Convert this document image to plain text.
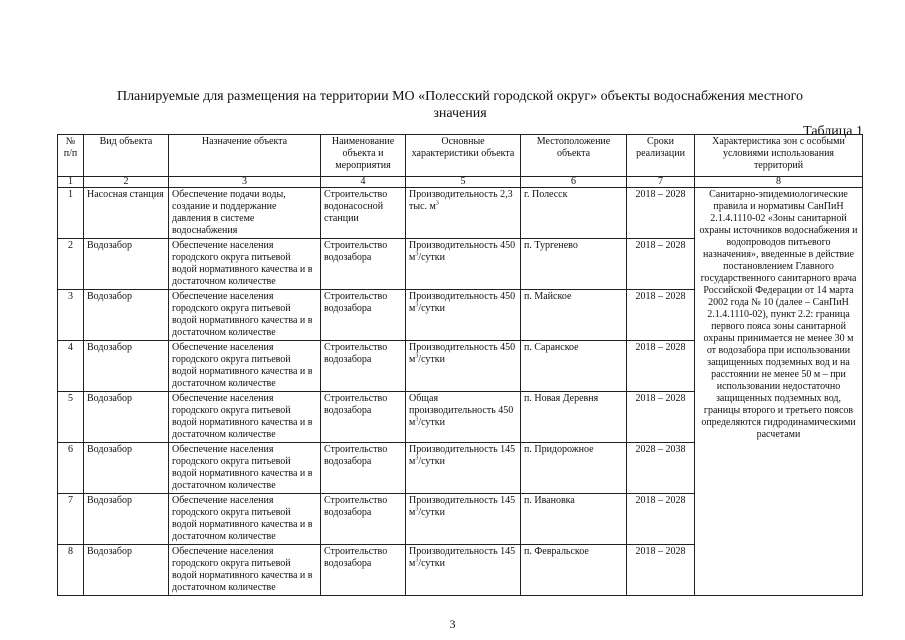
Планируемые для размещения на территории МО «Полесский городской округ» объекты водоснабжения местного значения
Таблица 1
№ п/п	Вид объекта	Назначение объекта	Наименование объекта и мероприятия	Основные характеристики объекта	Местоположение объекта	Сроки реализации	Характеристика зон с особыми условиями использования территорий
1	2	3	4	5	6	7	8
1	Насосная станция	Обеспечение подачи воды, создание и поддержание давления в системе водоснабжения	Строительство водонасосной станции	Производительность 2,3 тыс. $м^3$	г. Полесск	2018 – 2028	Санитарно-эпидемиологические правила и нормативы СанПиН 2.1.4.1110-02 «Зоны санитарной охраны источников водоснабжения и водопроводов питьевого назначения», введенные в действие постановлением Главного государственного санитарного врача Российской Федерации от 14 марта 2002 года № 10 (далее – СанПиН 2.1.4.1110-02), пункт 2.2: граница первого пояса зоны санитарной охраны принимается не менее 30 м от водозабора при использовании защищенных подземных вод и на расстоянии не менее 50 м – при использовании недостаточно защищенных подземных вод, границы второго и третьего поясов определяются гидродинамическими расчетами
2	Водозабор	Обеспечение населения городского округа питьевой водой нормативного качества и в достаточном количестве	Строительство водозабора	Производительность 450 $м^3$/сутки	п. Тургенево	2018 – 2028	
3	Водозабор	Обеспечение населения городского округа питьевой водой нормативного качества и в достаточном количестве	Строительство водозабора	Производительность 450 $м^3$/сутки	п. Майское	2018 – 2028	
4	Водозабор	Обеспечение населения городского округа питьевой водой нормативного качества и в достаточном количестве	Строительство водозабора	Производительность 450 $м^3$/сутки	п. Саранское	2018 – 2028	
5	Водозабор	Обеспечение населения городского округа питьевой водой нормативного качества и в достаточном количестве	Строительство водозабора	Общая производительность 450 $м^3$/сутки	п. Новая Деревня	2018 – 2028	
6	Водозабор	Обеспечение населения городского округа питьевой водой нормативного качества и в достаточном количестве	Строительство водозабора	Производительность 145 $м^3$/сутки	п. Придорожное	2028 – 2038	
7	Водозабор	Обеспечение населения городского округа питьевой водой нормативного качества и в достаточном количестве	Строительство водозабора	Производительность 145 $м^3$/сутки	п. Ивановка	2018 – 2028	
8	Водозабор	Обеспечение населения городского округа питьевой водой нормативного качества и в достаточном количестве	Строительство водозабора	Производительность 145 $м^3$/сутки	п. Февральское	2018 – 2028	
3
